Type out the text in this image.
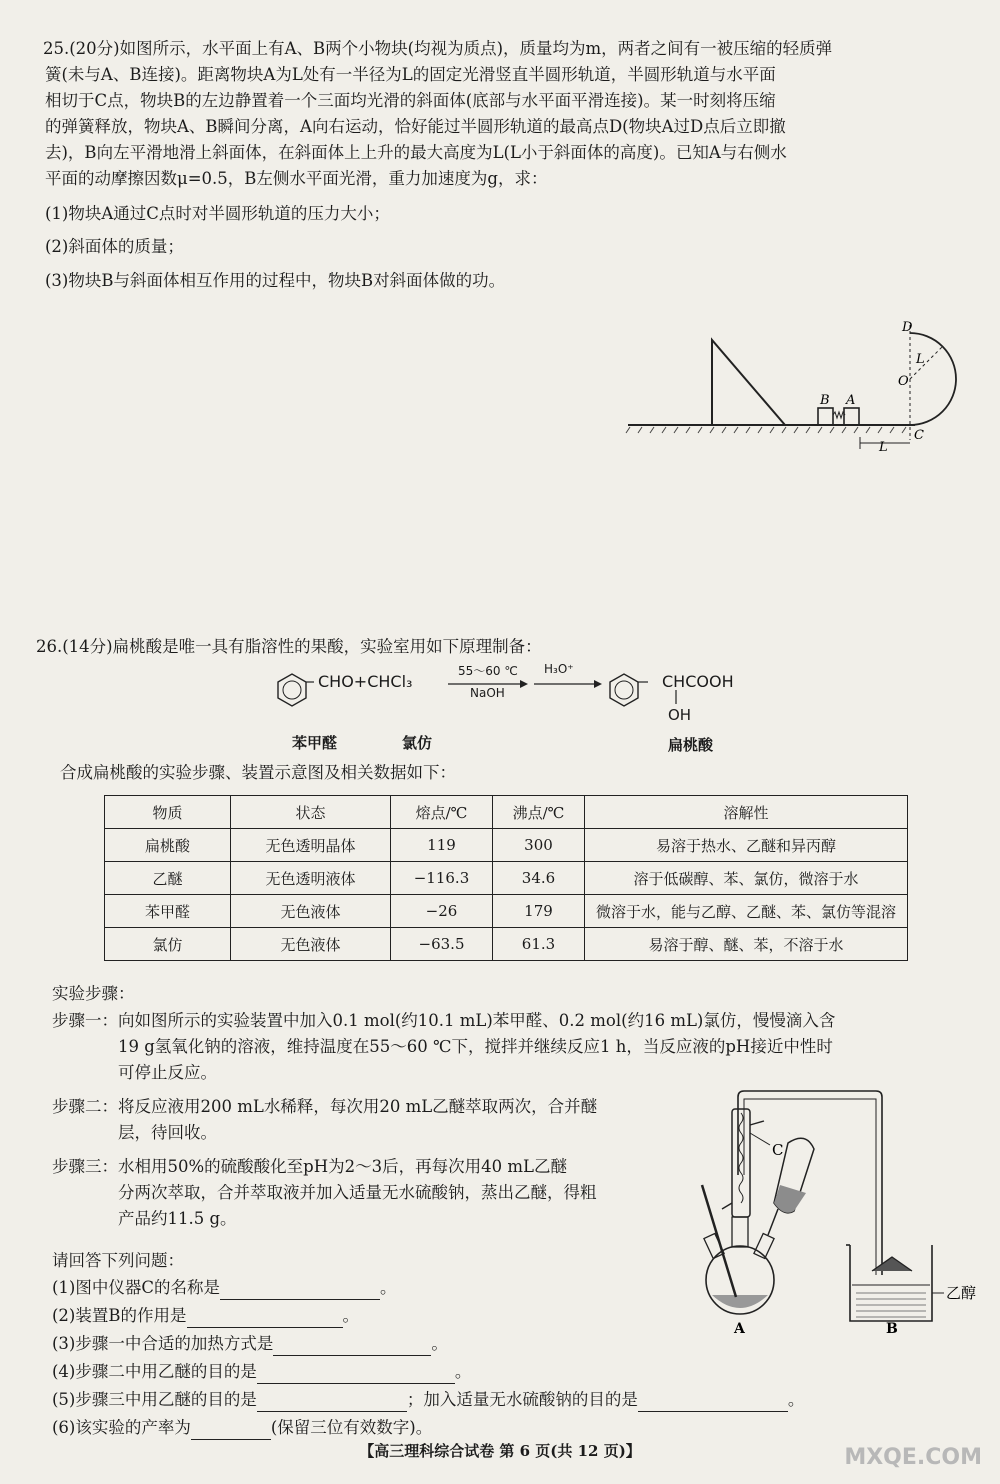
25.(20分)如图所示，水平面上有A、B两个小物块(均视为质点)，质量均为m，两者之间有一被压缩的轻质弹
簧(未与A、B连接)。距离物块A为L处有一半径为L的固定光滑竖直半圆形轨道，半圆形轨道与水平面
相切于C点，物块B的左边静置着一个三面均光滑的斜面体(底部与水平面平滑连接)。某一时刻将压缩
的弹簧释放，物块A、B瞬间分离，A向右运动，恰好能过半圆形轨道的最高点D(物块A过D点后立即撤
去)，B向左平滑地滑上斜面体，在斜面体上上升的最大高度为L(L小于斜面体的高度)。已知A与右侧水
平面的动摩擦因数μ=0.5，B左侧水平面光滑，重力加速度为g，求：
(1)物块A通过C点时对半圆形轨道的压力大小；
(2)斜面体的质量；
(3)物块B与斜面体相互作用的过程中，物块B对斜面体做的功。
B A
D
O
C
L
L
26.(14分)扁桃酸是唯一具有脂溶性的果酸，实验室用如下原理制备：
CHO+CHCl₃
55～60 ℃
NaOH
H₃O⁺
CHCOOH
OH
苯甲醛	氯仿	扁桃酸
合成扁桃酸的实验步骤、装置示意图及相关数据如下：
物质	状态	熔点/℃	沸点/℃	溶解性
扁桃酸	无色透明晶体	119	300	易溶于热水、乙醚和异丙醇
乙醚	无色透明液体	−116.3	34.6	溶于低碳醇、苯、氯仿，微溶于水
苯甲醛	无色液体	−26	179	微溶于水，能与乙醇、乙醚、苯、氯仿等混溶
氯仿	无色液体	−63.5	61.3	易溶于醇、醚、苯，不溶于水
实验步骤：
步骤一：向如图所示的实验装置中加入0.1 mol(约10.1 mL)苯甲醛、0.2 mol(约16 mL)氯仿，慢慢滴入含
19 g氢氧化钠的溶液，维持温度在55～60 ℃下，搅拌并继续反应1 h，当反应液的pH接近中性时
可停止反应。
步骤二：将反应液用200 mL水稀释，每次用20 mL乙醚萃取两次，合并醚
层，待回收。
步骤三：水相用50%的硫酸酸化至pH为2～3后，再每次用40 mL乙醚
分两次萃取，合并萃取液并加入适量无水硫酸钠，蒸出乙醚，得粗
产品约11.5 g。
请回答下列问题：
(1)图中仪器C的名称是	。
(2)装置B的作用是	。
(3)步骤一中合适的加热方式是	。
(4)步骤二中用乙醚的目的是	。
(5)步骤三中用乙醚的目的是	；加入适量无水硫酸钠的目的是	。
(6)该实验的产率为	(保留三位有效数字)。
C
A	B
乙醇
【高三理科综合试卷 第 6 页(共 12 页)】	MXQE.COM
